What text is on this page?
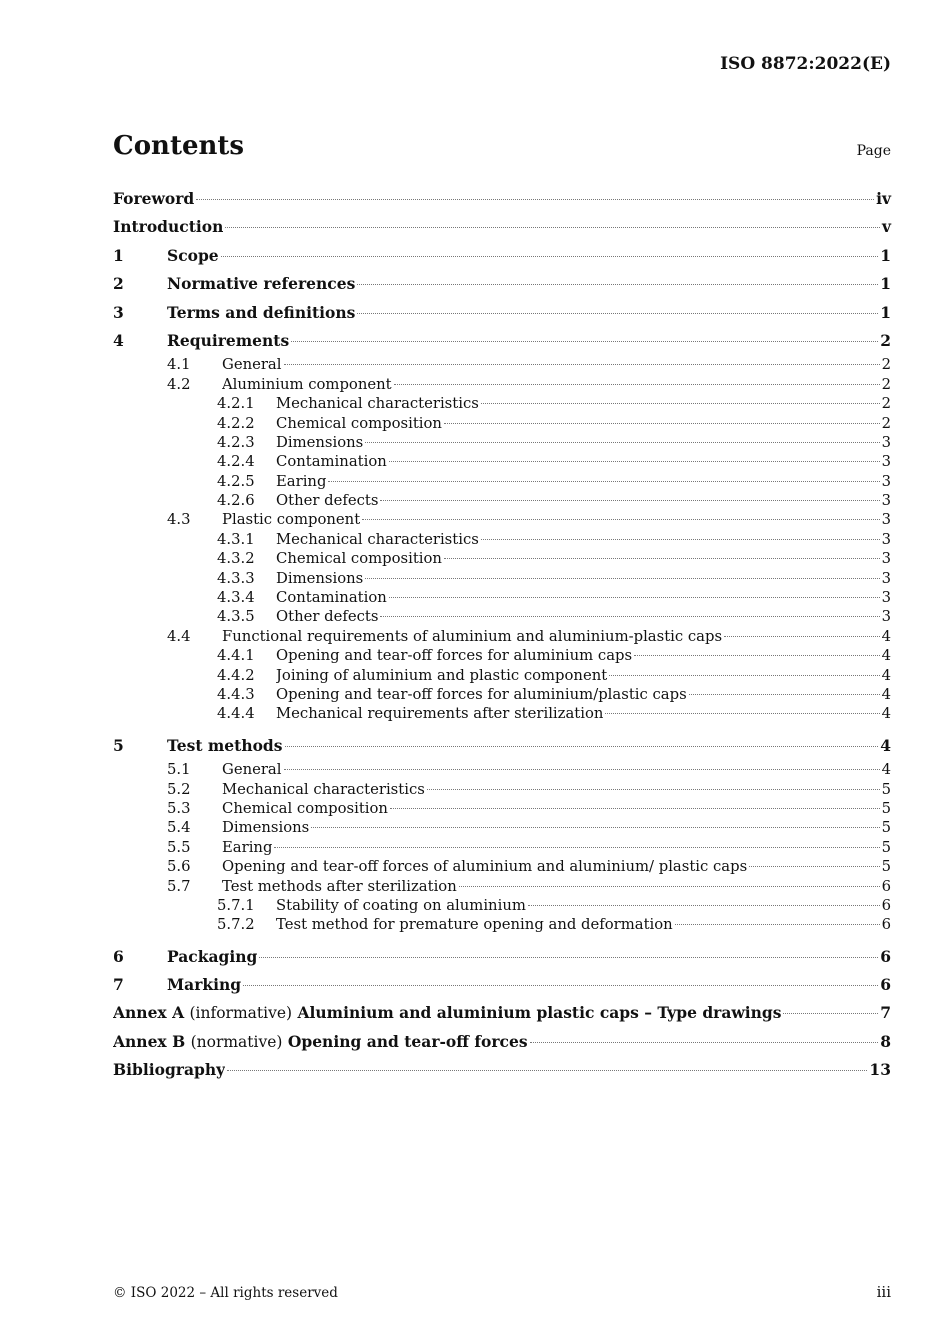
ISO 8872:2022(E)
Contents	Page
Foreword	iv
Introduction	v
1	Scope	1
2	Normative references	1
3	Terms and definitions	1
4	Requirements	2
4.1	General	2
4.2	Aluminium component	2
4.2.1	Mechanical characteristics	2
4.2.2	Chemical composition	2
4.2.3	Dimensions	3
4.2.4	Contamination	3
4.2.5	Earing	3
4.2.6	Other defects	3
4.3	Plastic component	3
4.3.1	Mechanical characteristics	3
4.3.2	Chemical composition	3
4.3.3	Dimensions	3
4.3.4	Contamination	3
4.3.5	Other defects	3
4.4	Functional requirements of aluminium and aluminium-plastic caps	4
4.4.1	Opening and tear-off forces for aluminium caps	4
4.4.2	Joining of aluminium and plastic component	4
4.4.3	Opening and tear-off forces for aluminium/plastic caps	4
4.4.4	Mechanical requirements after sterilization	4
5	Test methods	4
5.1	General	4
5.2	Mechanical characteristics	5
5.3	Chemical composition	5
5.4	Dimensions	5
5.5	Earing	5
5.6	Opening and tear-off forces of aluminium and aluminium/ plastic caps	5
5.7	Test methods after sterilization	6
5.7.1	Stability of coating on aluminium	6
5.7.2	Test method for premature opening and deformation	6
6	Packaging	6
7	Marking	6
Annex A (informative) Aluminium and aluminium plastic caps – Type drawings	7
Annex B (normative) Opening and tear-off forces	8
Bibliography	13
© ISO 2022 – All rights reserved	iii
